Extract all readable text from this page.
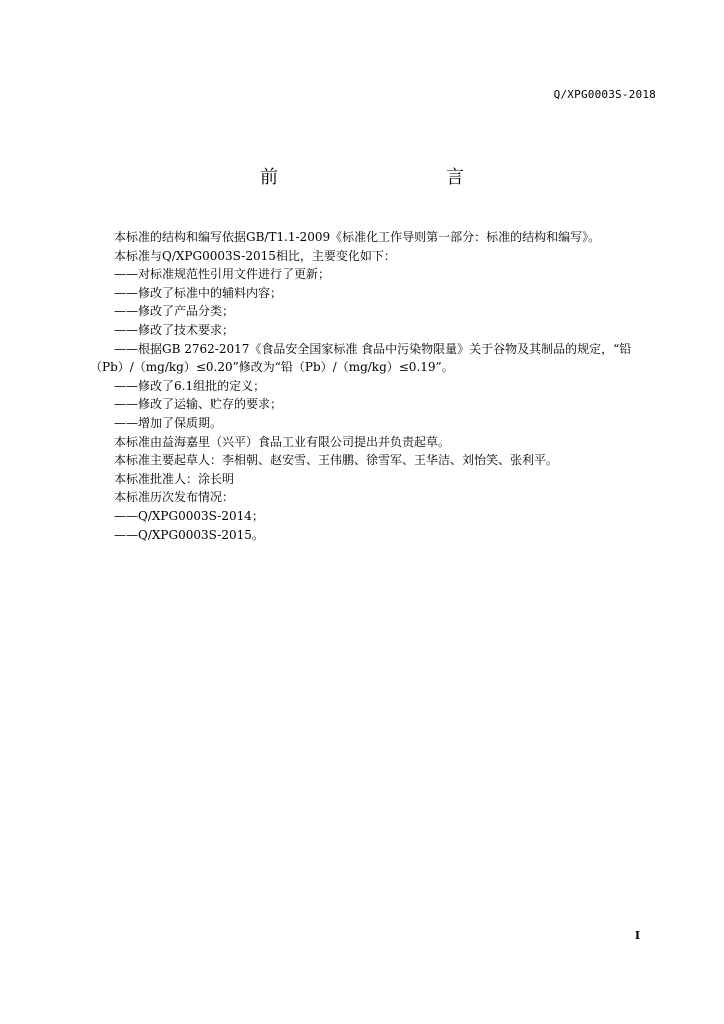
Q/XPG0003S-2018
前　　言

本标准的结构和编写依据GB/T1.1-2009《标准化工作导则第一部分：标准的结构和编写》。

本标准与Q/XPG0003S-2015相比，主要变化如下：

——对标准规范性引用文件进行了更新；

——修改了标准中的辅料内容；

——修改了产品分类；

——修改了技术要求；

——根据GB 2762-2017《食品安全国家标准 食品中污染物限量》关于谷物及其制品的规定，“铅

（Pb）/（mg/kg）≤0.20”修改为“铅（Pb）/（mg/kg）≤0.19”。

——修改了6.1组批的定义；

——修改了运输、贮存的要求；

——增加了保质期。

本标准由益海嘉里（兴平）食品工业有限公司提出并负责起草。

本标准主要起草人：李相朝、赵安雪、王伟鹏、徐雪军、王华洁、刘怡笑、张利平。

本标准批准人：涂长明

本标准历次发布情况：

——Q/XPG0003S-2014；

——Q/XPG0003S-2015。

I
